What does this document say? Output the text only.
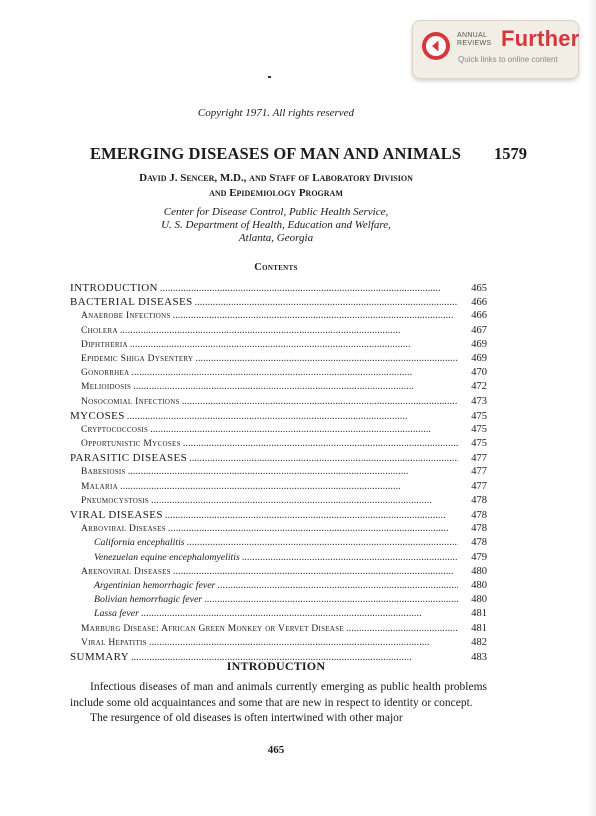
ANNUAL
REVIEWS Further
Quick links to online content
Copyright 1971. All rights reserved
EMERGING DISEASES OF MAN AND ANIMALS 1579
David J. Sencer, M.D., and Staff of Laboratory Division
and Epidemiology Program
Center for Disease Control, Public Health Service,
U. S. Department of Health, Education and Welfare,
Atlanta, Georgia
Contents
INTRODUCTION . . .	465
BACTERIAL DISEASES . . .	466
Anaerobe Infections . . .	466
Cholera . . .	467
Diphtheria . . .	469
Epidemic Shiga Dysentery . . .	469
Gonorrhea . . .	470
Melioidosis . . .	472
Nosocomial Infections . . .	473
MYCOSES . . .	475
Cryptococcosis . . .	475
Opportunistic Mycoses . . .	475
PARASITIC DISEASES . . .	477
Babesiosis . . .	477
Malaria . . .	477
Pneumocystosis . . .	478
VIRAL DISEASES . . .	478
Arboviral Diseases . . .	478
California encephalitis . . .	478
Venezuelan equine encephalomyelitis . . .	479
Arenoviral Diseases . . .	480
Argentinian hemorrhagic fever . . .	480
Bolivian hemorrhagic fever . . .	480
Lassa fever . . .	481
Marburg Disease: African Green Monkey or Vervet Disease . . .	481
Viral Hepatitis . . .	482
SUMMARY . . .	483
INTRODUCTION

Infectious diseases of man and animals currently emerging as public health problems include some old acquaintances and some that are new in respect to identity or concept.

The resurgence of old diseases is often intertwined with other major

465
